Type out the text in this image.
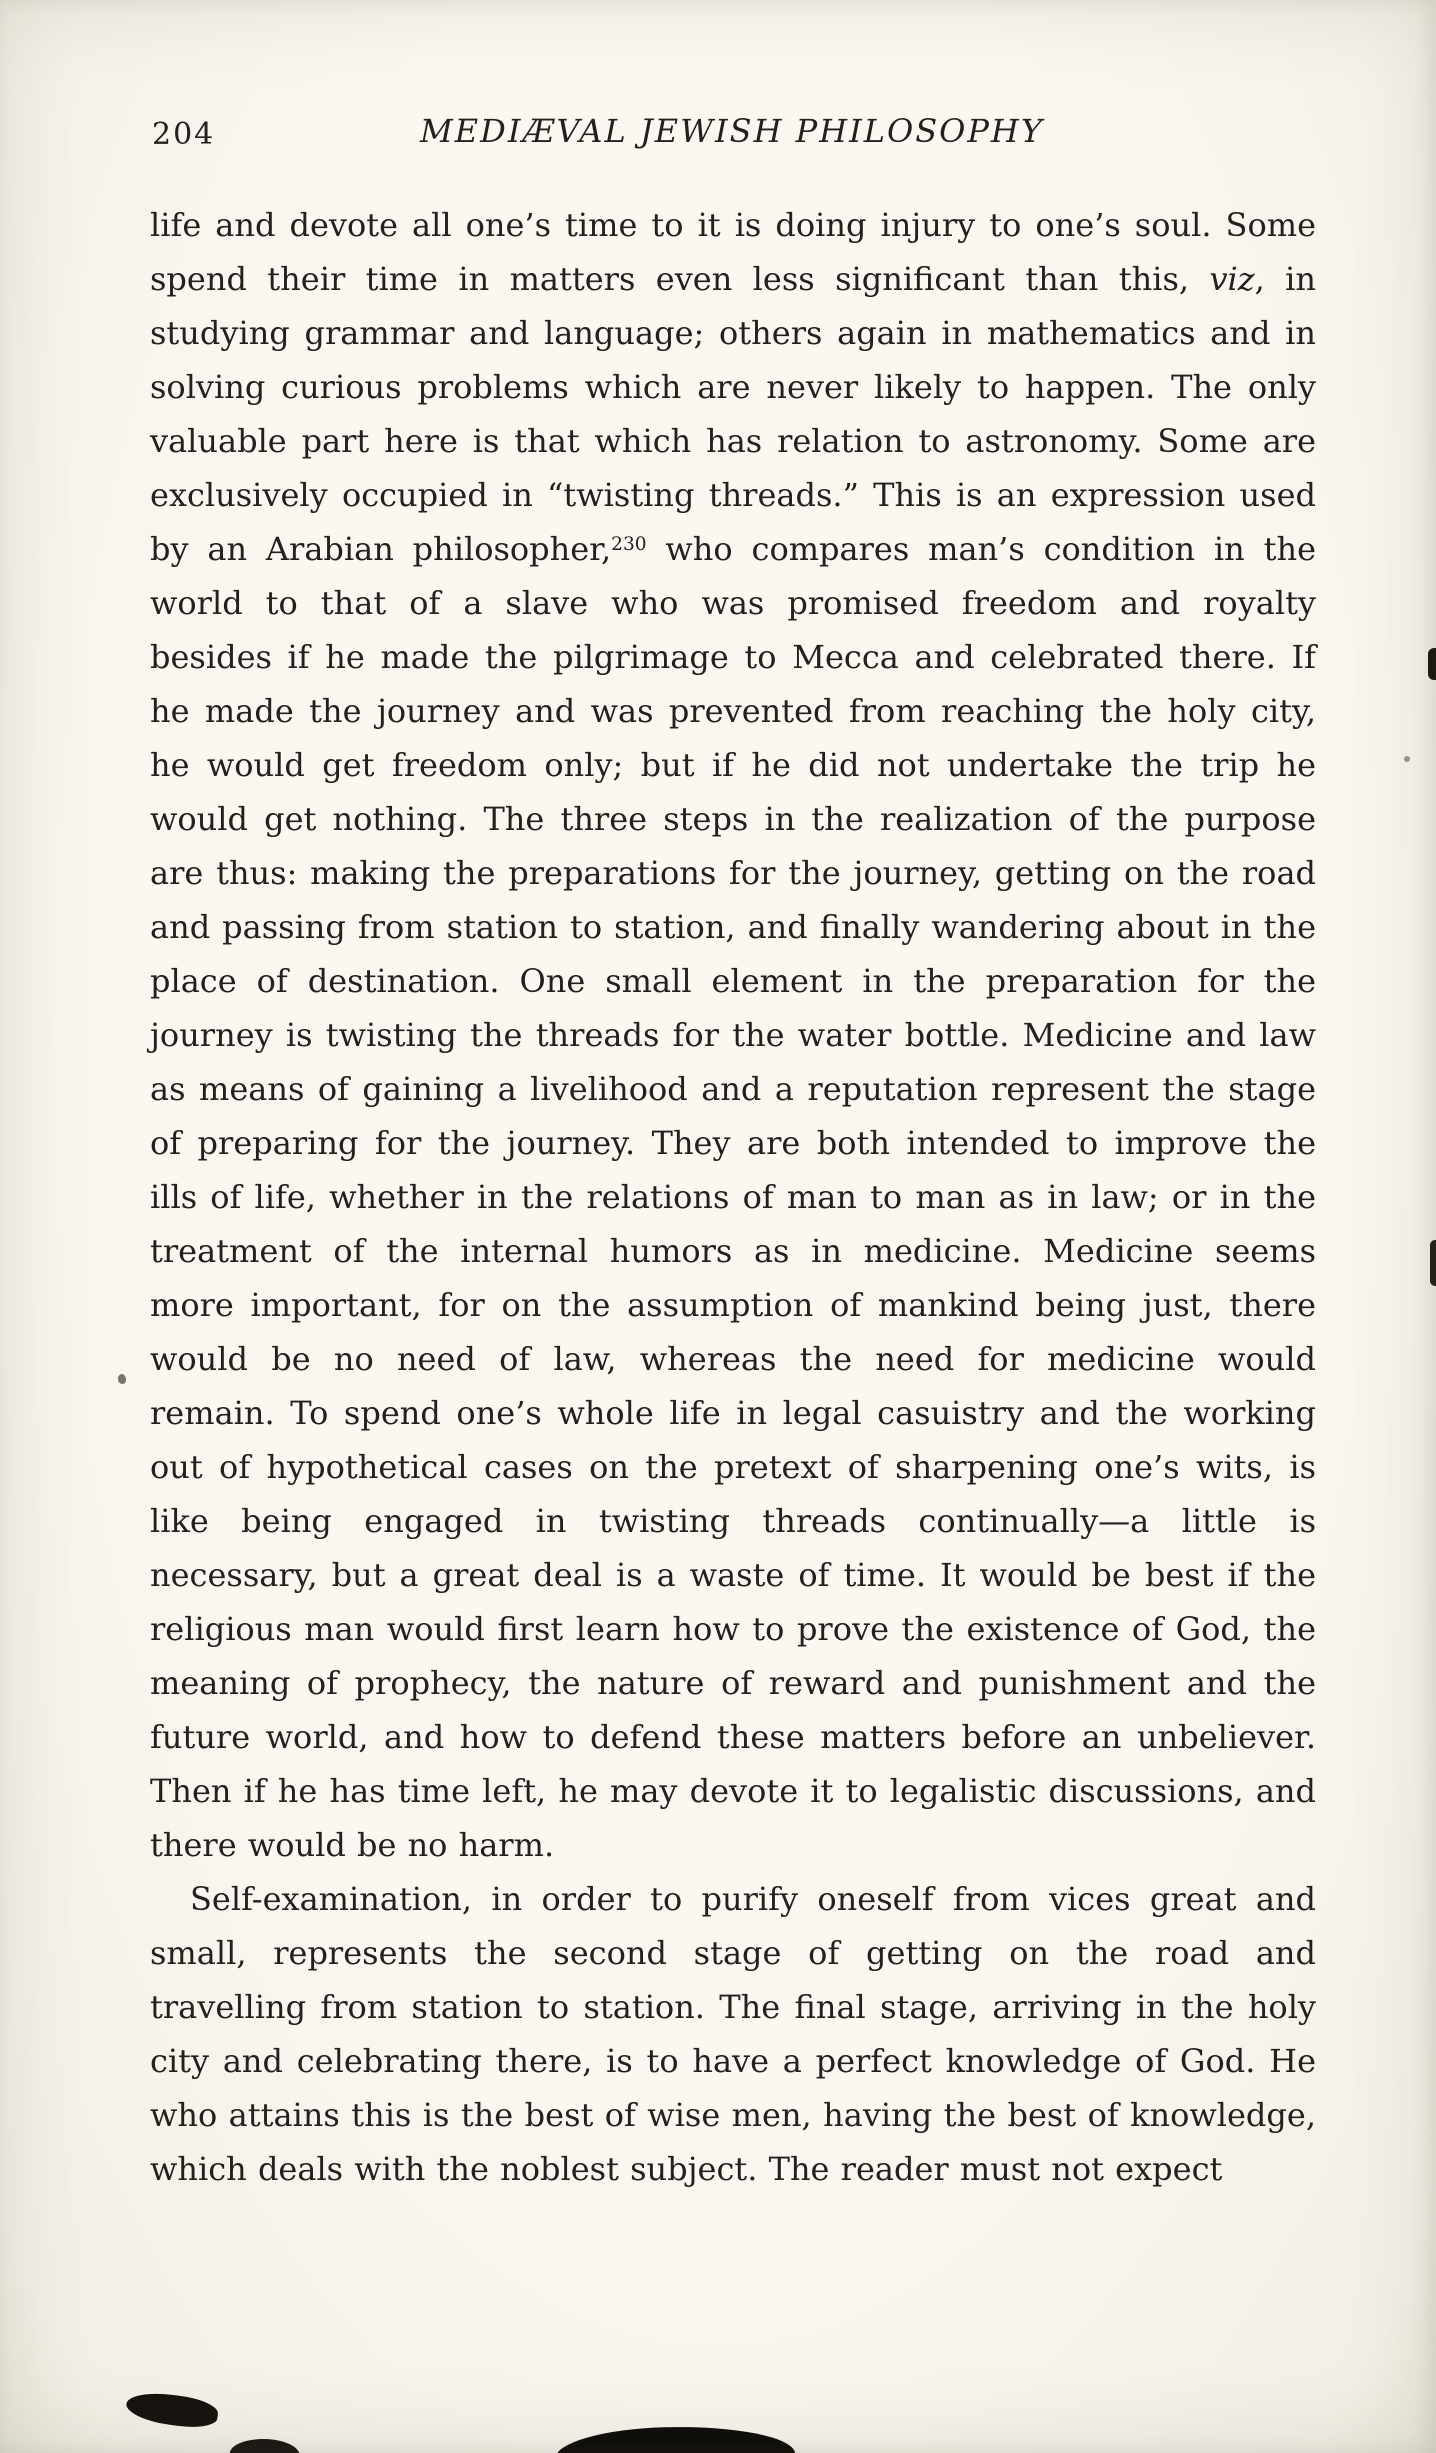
204	MEDIÆVAL JEWISH PHILOSOPHY

life and devote all one’s time to it is doing injury to one’s soul. Some spend their time in matters even less significant than this, viz, in studying grammar and language; others again in mathematics and in solving curious problems which are never likely to happen. The only valuable part here is that which has relation to astronomy. Some are exclusively occupied in “twisting threads.” This is an expression used by an Arabian philosopher,$^{230}$ who compares man’s condition in the world to that of a slave who was promised freedom and royalty besides if he made the pilgrimage to Mecca and celebrated there. If he made the journey and was prevented from reaching the holy city, he would get freedom only; but if he did not undertake the trip he would get nothing. The three steps in the realization of the purpose are thus: making the preparations for the journey, getting on the road and passing from station to station, and finally wandering about in the place of destination. One small element in the preparation for the journey is twisting the threads for the water bottle. Medicine and law as means of gaining a livelihood and a reputation represent the stage of preparing for the journey. They are both intended to improve the ills of life, whether in the relations of man to man as in law; or in the treatment of the internal humors as in medicine. Medicine seems more important, for on the assumption of mankind being just, there would be no need of law, whereas the need for medicine would remain. To spend one’s whole life in legal casuistry and the working out of hypothetical cases on the pretext of sharpening one’s wits, is like being engaged in twisting threads continually—a little is necessary, but a great deal is a waste of time. It would be best if the religious man would first learn how to prove the existence of God, the meaning of prophecy, the nature of reward and punishment and the future world, and how to defend these matters before an unbeliever. Then if he has time left, he may devote it to legalistic discussions, and there would be no harm.

Self-examination, in order to purify oneself from vices great and small, represents the second stage of getting on the road and travelling from station to station. The final stage, arriving in the holy city and celebrating there, is to have a perfect knowledge of God. He who attains this is the best of wise men, having the best of knowledge, which deals with the noblest subject. The reader must not expect
